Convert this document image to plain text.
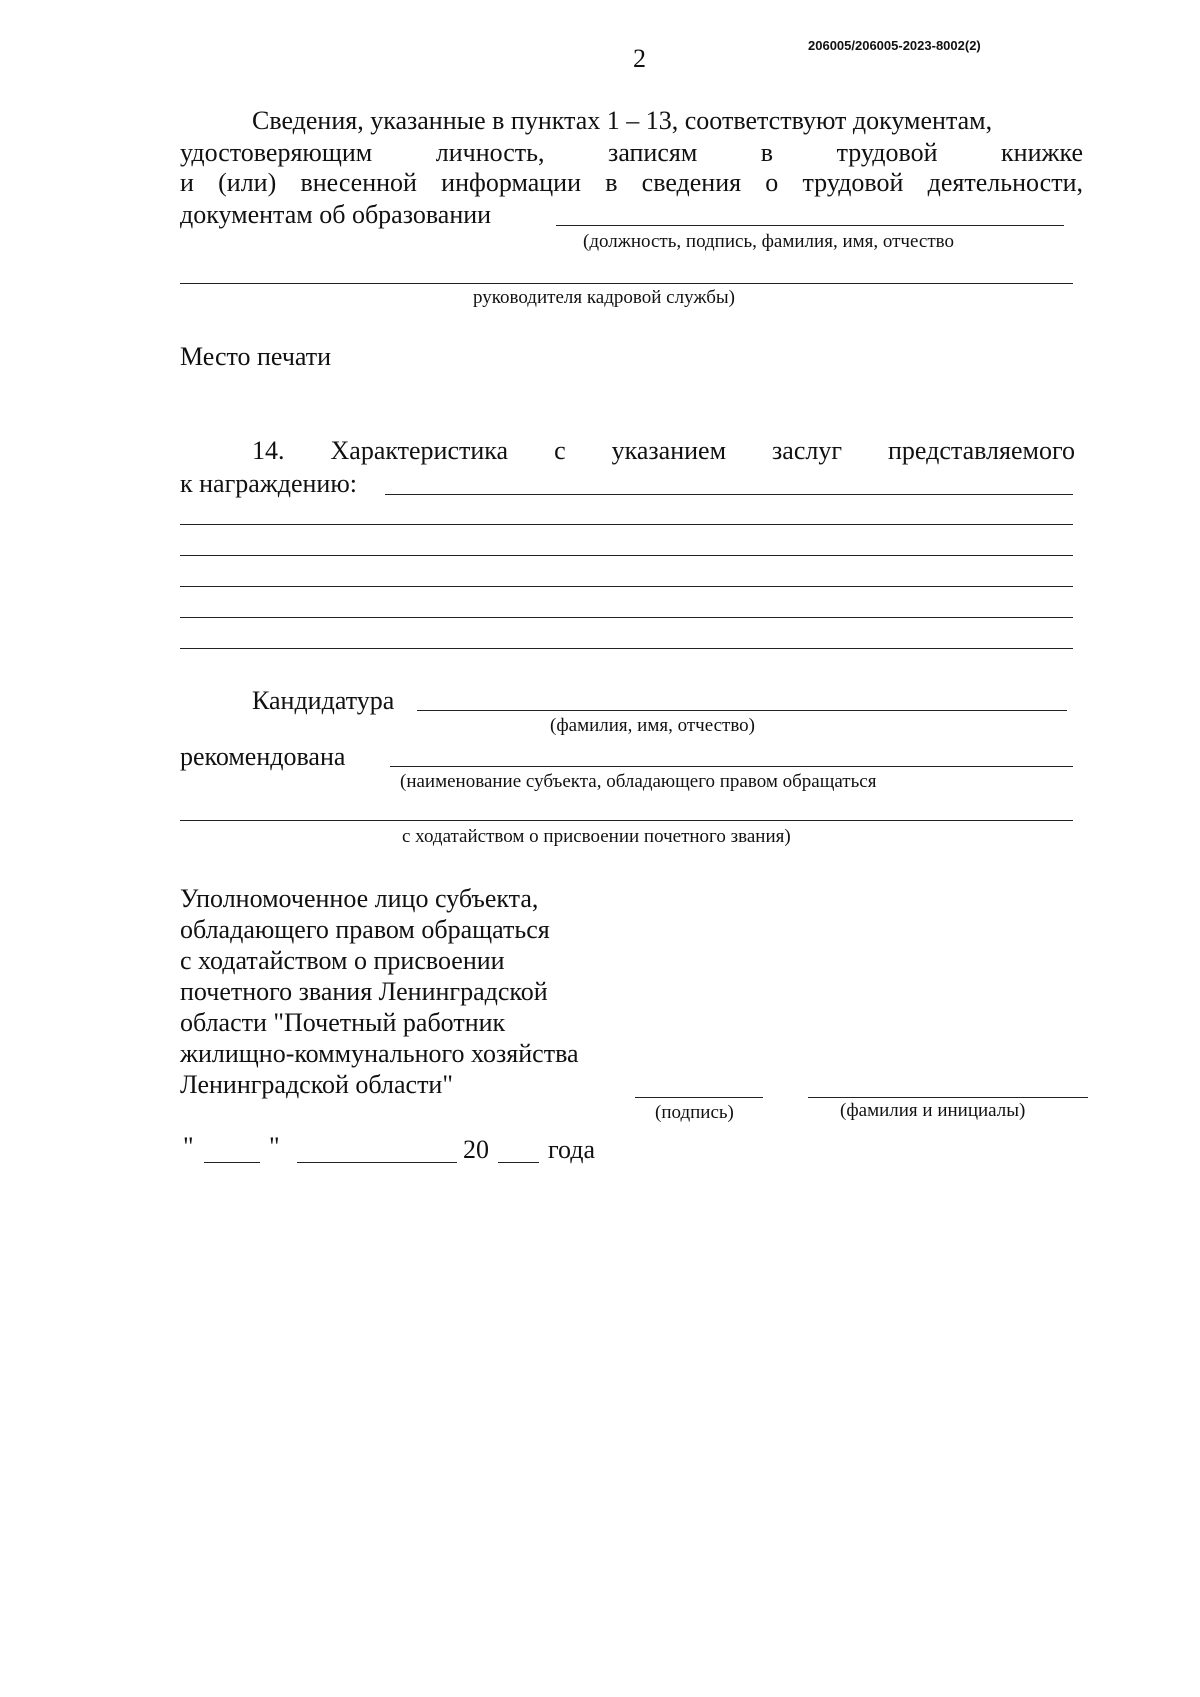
2	206005/206005-2023-8002(2)
Сведения, указанные в пунктах 1 – 13, соответствуют документам,
удостоверяющим личность, записям в трудовой книжке
и (или) внесенной информации в сведения о трудовой деятельности,
документам об образовании
(должность, подпись, фамилия, имя, отчество
руководителя кадровой службы)
Место печати
14. Характеристика с указанием заслуг представляемого
к награждению:
Кандидатура
(фамилия, имя, отчество)
рекомендована
(наименование субъекта, обладающего правом обращаться
с ходатайством о присвоении почетного звания)
Уполномоченное лицо субъекта,
обладающего правом обращаться
с ходатайством о присвоении
почетного звания Ленинградской
области "Почетный работник
жилищно-коммунального хозяйства
Ленинградской области"
(подпись)	(фамилия и инициалы)
"	"	20 года
